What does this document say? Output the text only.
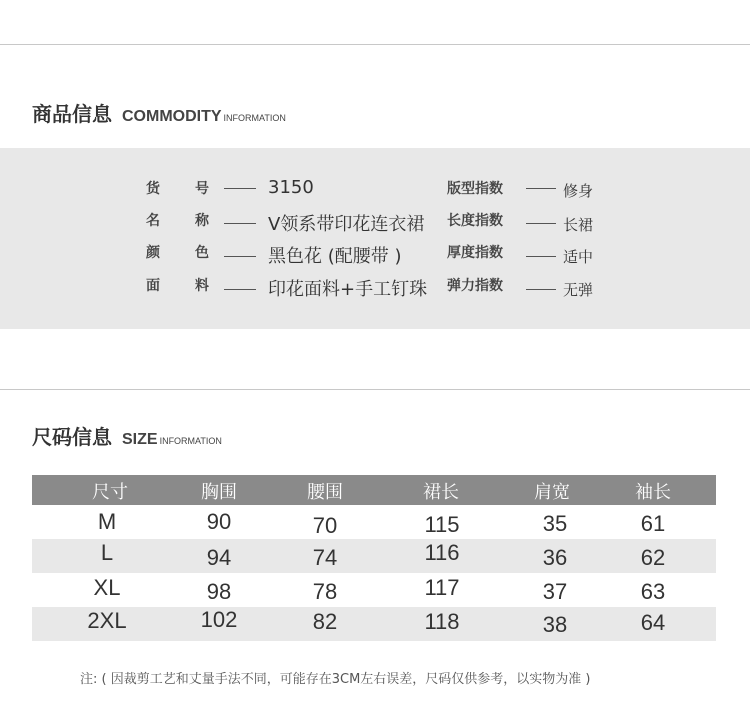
商品信息 COMMODITY INFORMATION
货	号	3150	版型指数	修身
名	称	V领系带印花连衣裙 长度指数	长裙
颜	色	黑色花 (配腰带 )	厚度指数	适中
面	料	印花面料+手工钉珠 弹力指数	无弹
尺码信息 SIZE INFORMATION
尺寸	胸围	腰围	裙长	肩宽	袖长
M	90	70	115	35	61
L	94	74	116	36	62
XL	98	78	117	37	63
2XL	102	82	118	38	64
注: ( 因裁剪工艺和丈量手法不同，可能存在3CM左右误差，尺码仅供参考，以实物为准 )
